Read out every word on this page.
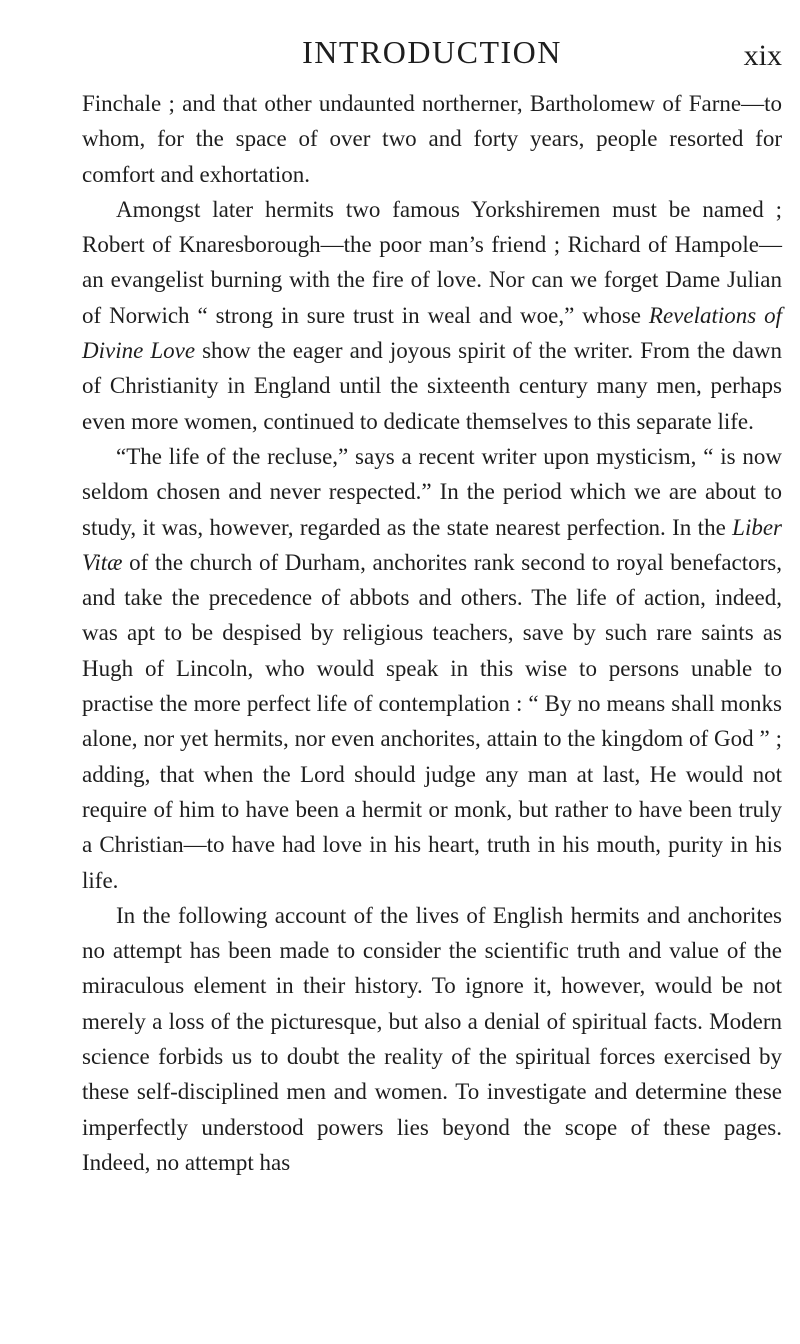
INTRODUCTION	xix

Finchale ; and that other undaunted northerner, Bartholomew of Farne—to whom, for the space of over two and forty years, people resorted for comfort and exhortation.

Amongst later hermits two famous Yorkshiremen must be named ; Robert of Knaresborough—the poor man’s friend ; Richard of Hampole—an evangelist burning with the fire of love. Nor can we forget Dame Julian of Norwich “ strong in sure trust in weal and woe,” whose Revelations of Divine Love show the eager and joyous spirit of the writer. From the dawn of Christianity in England until the sixteenth century many men, perhaps even more women, continued to dedicate themselves to this separate life.

“The life of the recluse,” says a recent writer upon mysticism, “ is now seldom chosen and never respected.” In the period which we are about to study, it was, however, regarded as the state nearest perfection. In the Liber Vitæ of the church of Durham, anchorites rank second to royal benefactors, and take the precedence of abbots and others. The life of action, indeed, was apt to be despised by religious teachers, save by such rare saints as Hugh of Lincoln, who would speak in this wise to persons unable to practise the more perfect life of contemplation : “ By no means shall monks alone, nor yet hermits, nor even anchorites, attain to the kingdom of God ” ; adding, that when the Lord should judge any man at last, He would not require of him to have been a hermit or monk, but rather to have been truly a Christian—to have had love in his heart, truth in his mouth, purity in his life.

In the following account of the lives of English hermits and anchorites no attempt has been made to consider the scientific truth and value of the miraculous element in their history. To ignore it, however, would be not merely a loss of the picturesque, but also a denial of spiritual facts. Modern science forbids us to doubt the reality of the spiritual forces exercised by these self-disciplined men and women. To investigate and determine these imperfectly understood powers lies beyond the scope of these pages. Indeed, no attempt has
